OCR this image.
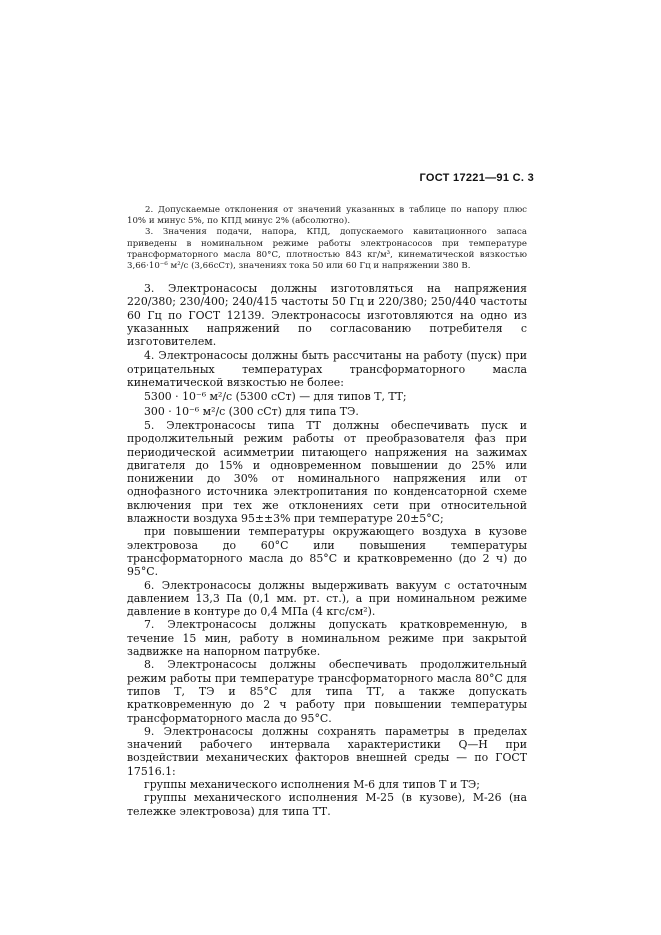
ГОСТ 17221—91 С. 3

2. Допускаемые отклонения от значений указанных в таблице по напору плюс 10% и минус 5%, по КПД минус 2% (абсолютно).

3. Значения подачи, напора, КПД, допускаемого кавитационного запаса приведены в номинальном режиме работы электронасосов при температуре трансформаторного масла 80°С, плотностью 843 кг/м³, кинематической вязкостью 3,66·10⁻⁶ м²/с (3,66сСт), значениях тока 50 или 60 Гц и напряжении 380 В.

3. Электронасосы должны изготовляться на напряжения 220/380; 230/400; 240/415 частоты 50 Гц и 220/380; 250/440 частоты 60 Гц по ГОСТ 12139. Электронасосы изготовляются на одно из указанных напряжений по согласованию потребителя с изготовителем.

4. Электронасосы должны быть рассчитаны на работу (пуск) при отрицательных температурах трансформаторного масла кинематической вязкостью не более:

5300 · 10⁻⁶ м²/с (5300 сСт) — для типов Т, ТТ;

300 · 10⁻⁶ м²/с (300 сСт) для типа ТЭ.

5. Электронасосы типа ТТ должны обеспечивать пуск и продолжительный режим работы от преобразователя фаз при периодической асимметрии питающего напряжения на зажимах двигателя до 15% и одновременном повышении до 25% или понижении до 30% от номинального напряжения или от однофазного источника электропитания по конденсаторной схеме включения при тех же отклонениях сети при относительной влажности воздуха 95±±3% при температуре 20±5°С;

при повышении температуры окружающего воздуха в кузове электровоза до 60°С или повышения температуры трансформаторного масла до 85°С и кратковременно (до 2 ч) до 95°С.

6. Электронасосы должны выдерживать вакуум с остаточным давлением 13,3 Па (0,1 мм. рт. ст.), а при номинальном режиме давление в контуре до 0,4 МПа (4 кгс/см²).

7. Электронасосы должны допускать кратковременную, в течение 15 мин, работу в номинальном режиме при закрытой задвижке на напорном патрубке.

8. Электронасосы должны обеспечивать продолжительный режим работы при температуре трансформаторного масла 80°С для типов Т, ТЭ и 85°С для типа ТТ, а также допускать кратковременную до 2 ч работу при повышении температуры трансформаторного масла до 95°С.

9. Электронасосы должны сохранять параметры в пределах значений рабочего интервала характеристики Q—H при воздействии механических факторов внешней среды — по ГОСТ 17516.1:

группы механического исполнения М-6 для типов Т и ТЭ;

группы механического исполнения М-25 (в кузове), М-26 (на тележке электровоза) для типа ТТ.
